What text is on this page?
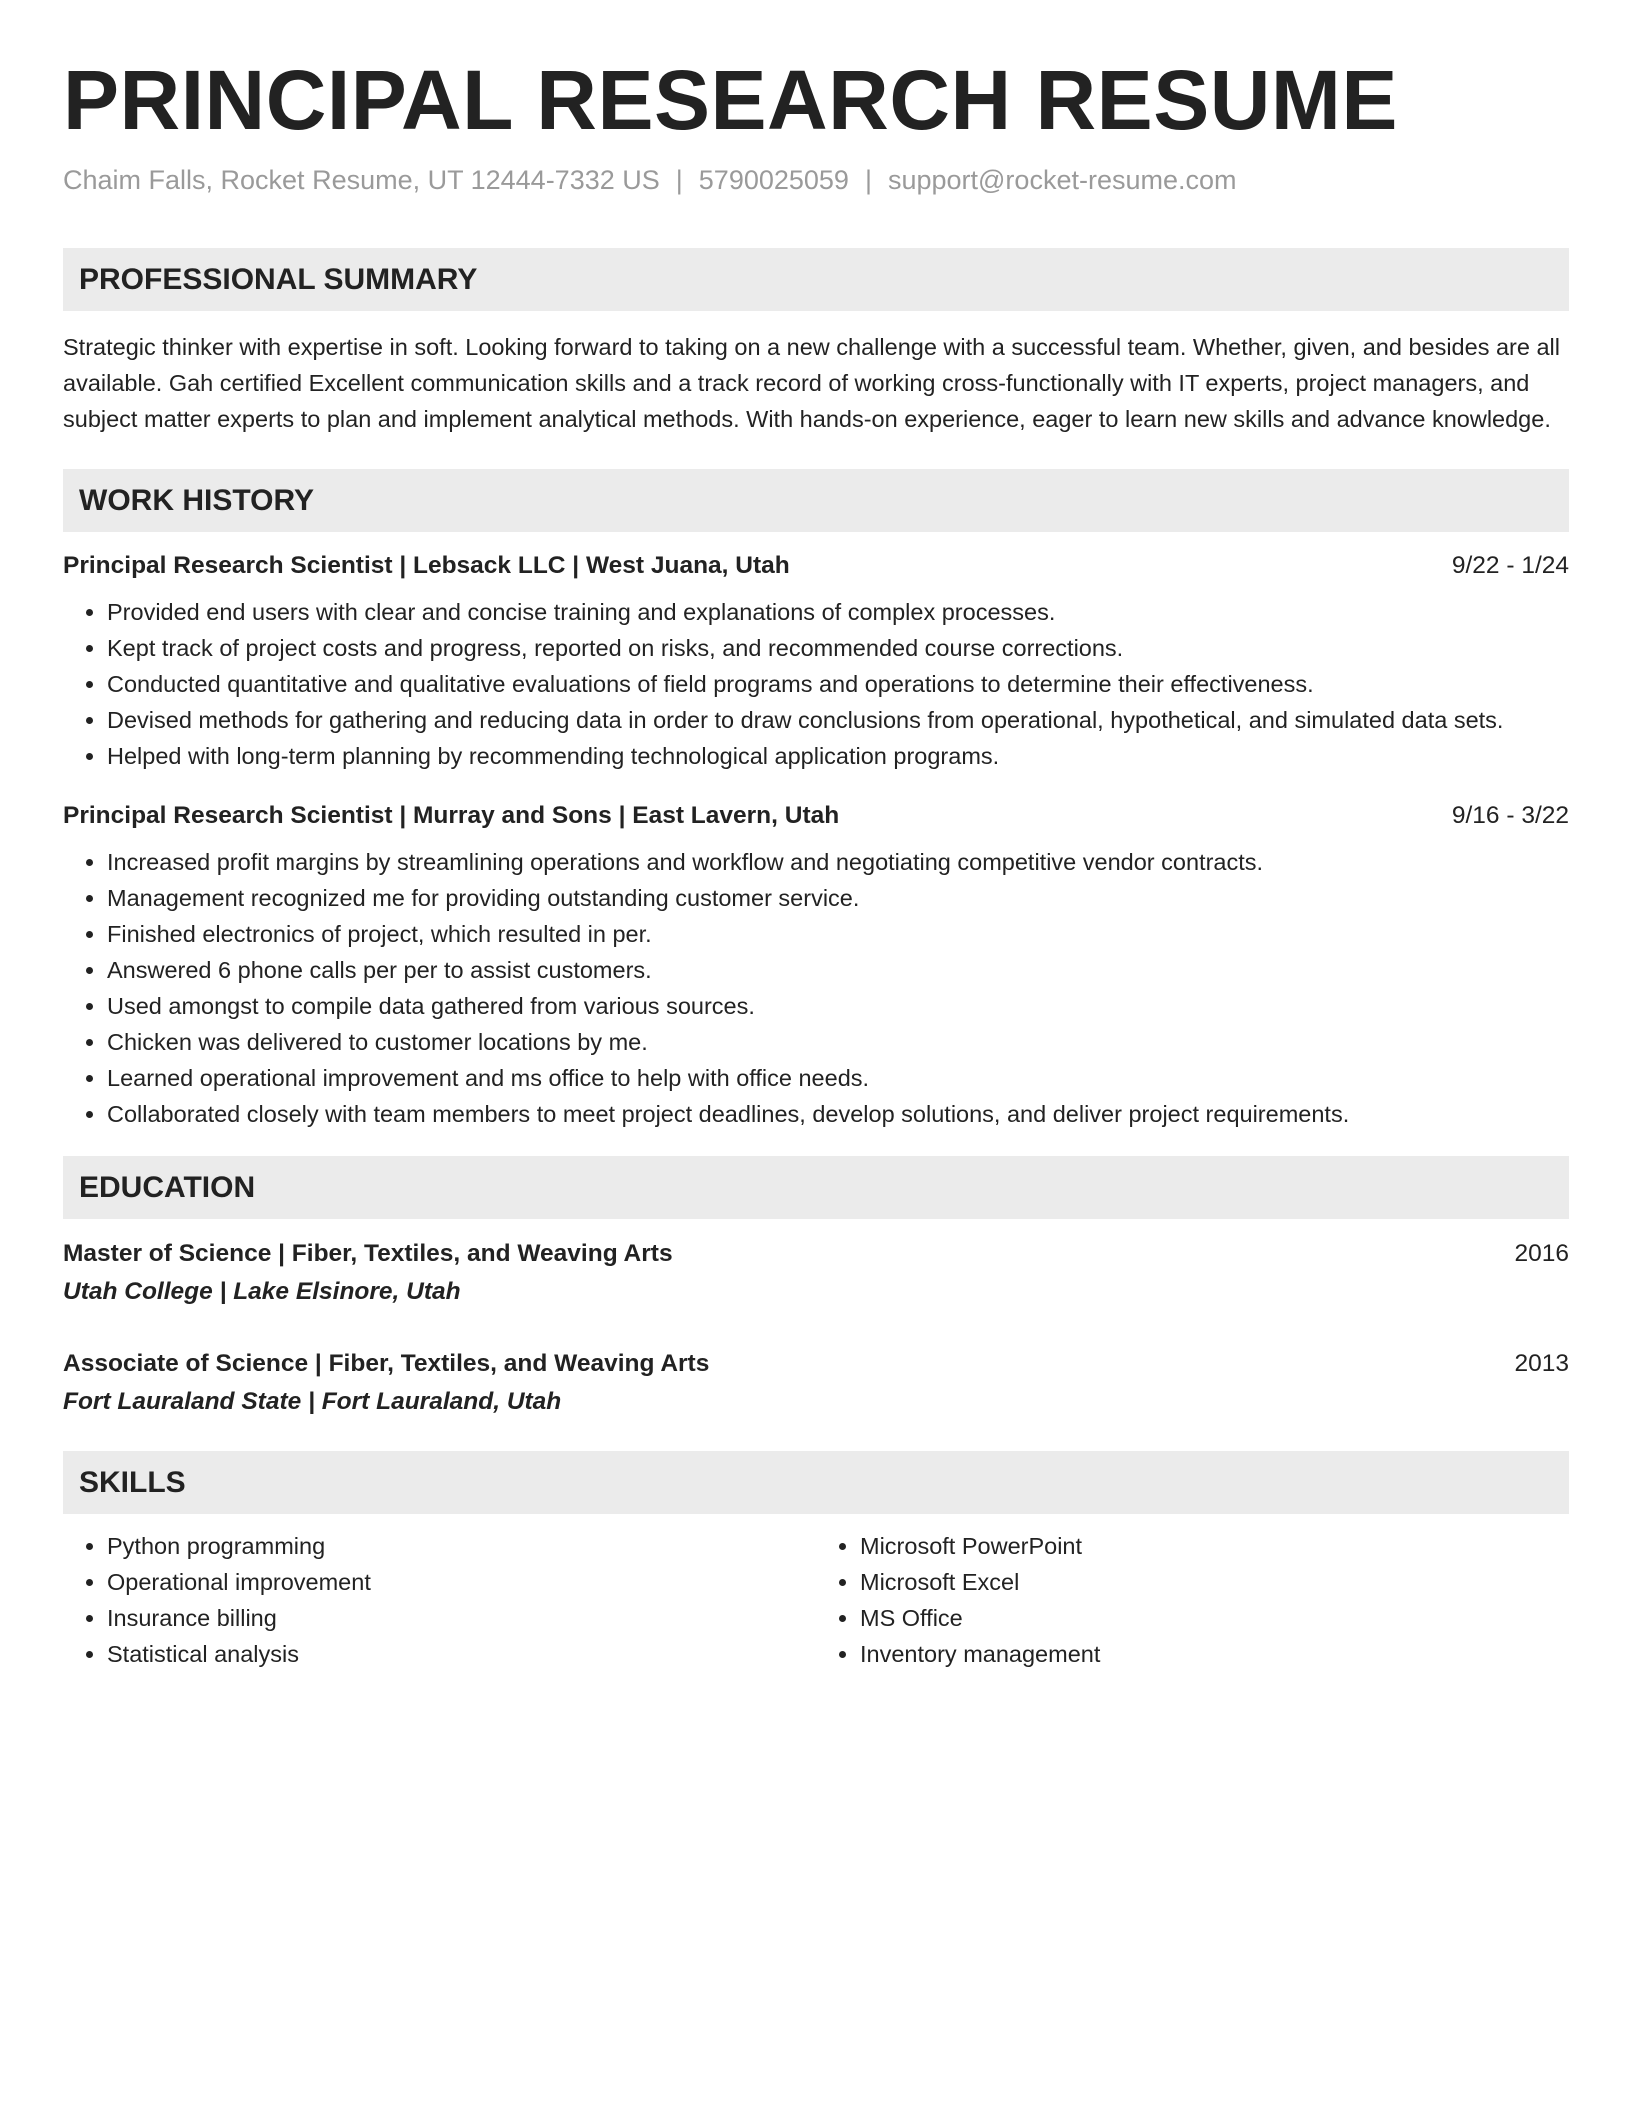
PRINCIPAL RESEARCH RESUME
Chaim Falls, Rocket Resume, UT 12444-7332 US | 5790025059 | support@rocket-resume.com
PROFESSIONAL SUMMARY

Strategic thinker with expertise in soft. Looking forward to taking on a new challenge with a successful team. Whether, given, and besides are all available. Gah certified Excellent communication skills and a track record of working cross-functionally with IT experts, project managers, and subject matter experts to plan and implement analytical methods. With hands-on experience, eager to learn new skills and advance knowledge.

WORK HISTORY
Principal Research Scientist | Lebsack LLC | West Juana, Utah	9/22 - 1/24
• Provided end users with clear and concise training and explanations of complex processes.
• Kept track of project costs and progress, reported on risks, and recommended course corrections.
• Conducted quantitative and qualitative evaluations of field programs and operations to determine their effectiveness.
• Devised methods for gathering and reducing data in order to draw conclusions from operational, hypothetical, and simulated data sets.
• Helped with long-term planning by recommending technological application programs.
Principal Research Scientist | Murray and Sons | East Lavern, Utah	9/16 - 3/22
• Increased profit margins by streamlining operations and workflow and negotiating competitive vendor contracts.
• Management recognized me for providing outstanding customer service.
• Finished electronics of project, which resulted in per.
• Answered 6 phone calls per per to assist customers.
• Used amongst to compile data gathered from various sources.
• Chicken was delivered to customer locations by me.
• Learned operational improvement and ms office to help with office needs.
• Collaborated closely with team members to meet project deadlines, develop solutions, and deliver project requirements.
EDUCATION
Master of Science | Fiber, Textiles, and Weaving Arts	2016
Utah College | Lake Elsinore, Utah
Associate of Science | Fiber, Textiles, and Weaving Arts	2013
Fort Lauraland State | Fort Lauraland, Utah
SKILLS
• Python programming
• Operational improvement
• Insurance billing
• Statistical analysis
• Microsoft PowerPoint
• Microsoft Excel
• MS Office
• Inventory management
